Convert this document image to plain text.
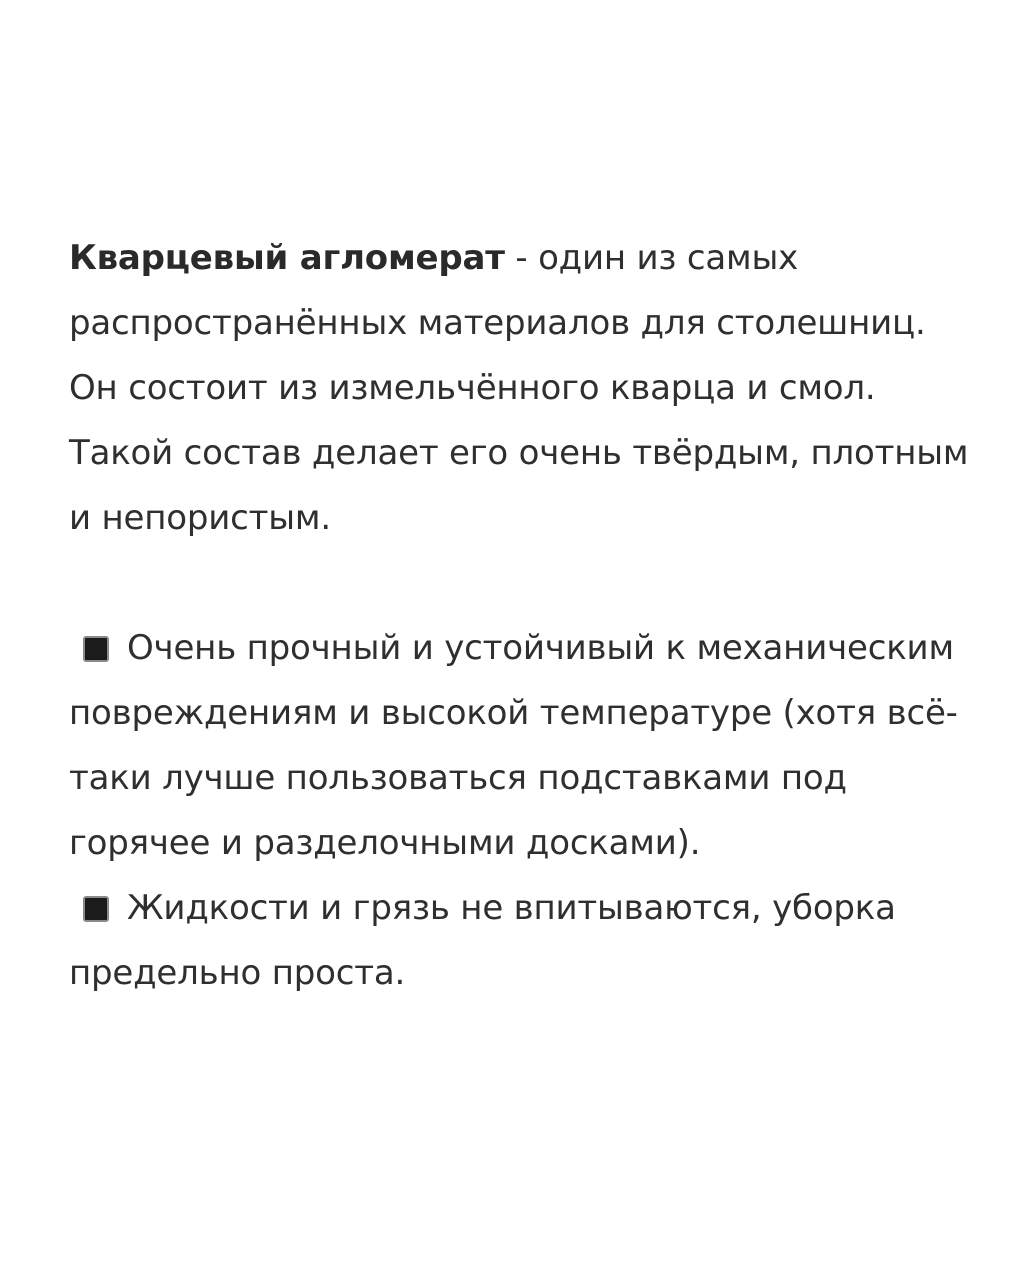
Кварцевый агломерат - один из самых распространённых материалов для столешниц. Он состоит из измельчённого кварца и смол. Такой состав делает его очень твёрдым, плотным и непористым.

Очень прочный и устойчивый к механическим повреждениям и высокой температуре (хотя всё-таки лучше пользоваться подставками под горячее и разделочными досками).

Жидкости и грязь не впитываются, уборка предельно проста.
